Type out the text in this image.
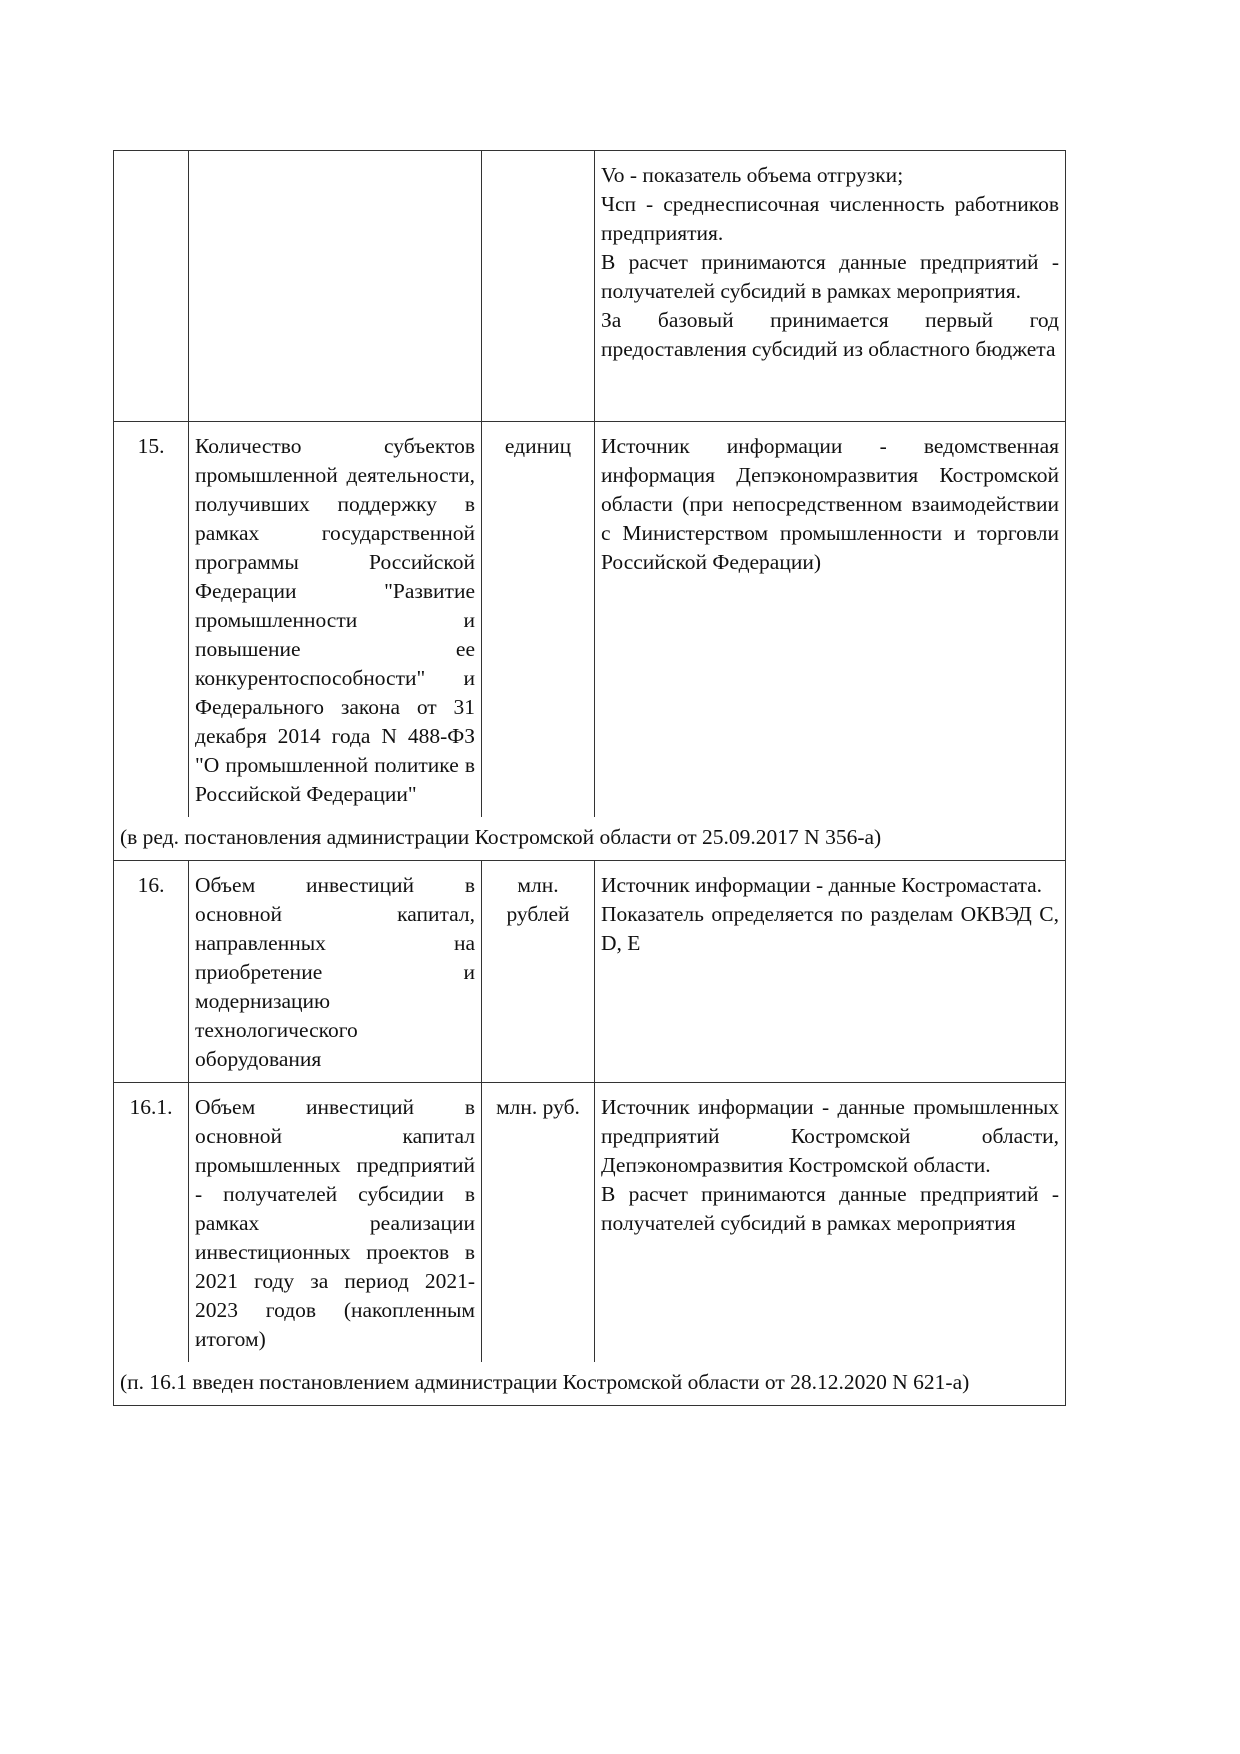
			Vo - показатель объема отгрузки;
Чсп - среднесписочная численность работников предприятия.
В расчет принимаются данные предприятий - получателей субсидий в рамках мероприятия.
За базовый принимается первый год предоставления субсидий из областного бюджета

15.	Количество субъектов промышленной деятельности, получивших поддержку в рамках государственной программы Российской Федерации "Развитие промышленности и повышение ее конкурентоспособности" и Федерального закона от 31 декабря 2014 года N 488-ФЗ "О промышленной политике в Российской Федерации"	единиц	Источник информации - ведомственная информация Депэкономразвития Костромской области (при непосредственном взаимодействии с Министерством промышленности и торговли Российской Федерации)

(в ред. постановления администрации Костромской области от 25.09.2017 N 356-а)			
16.	Объем инвестиций в основной капитал, направленных на приобретение и модернизацию технологического оборудования	млн. рублей	Источник информации - данные Костромастата.
Показатель определяется по разделам ОКВЭД C, D, E

16.1.	Объем инвестиций в основной капитал промышленных предприятий - получателей субсидии в рамках реализации инвестиционных проектов в 2021 году за период 2021-2023 годов (накопленным итогом)	млн. руб.	Источник информации - данные промышленных предприятий Костромской области, Депэкономразвития Костромской области.
В расчет принимаются данные предприятий - получателей субсидий в рамках мероприятия

(п. 16.1 введен постановлением администрации Костромской области от 28.12.2020 N 621-а)			
